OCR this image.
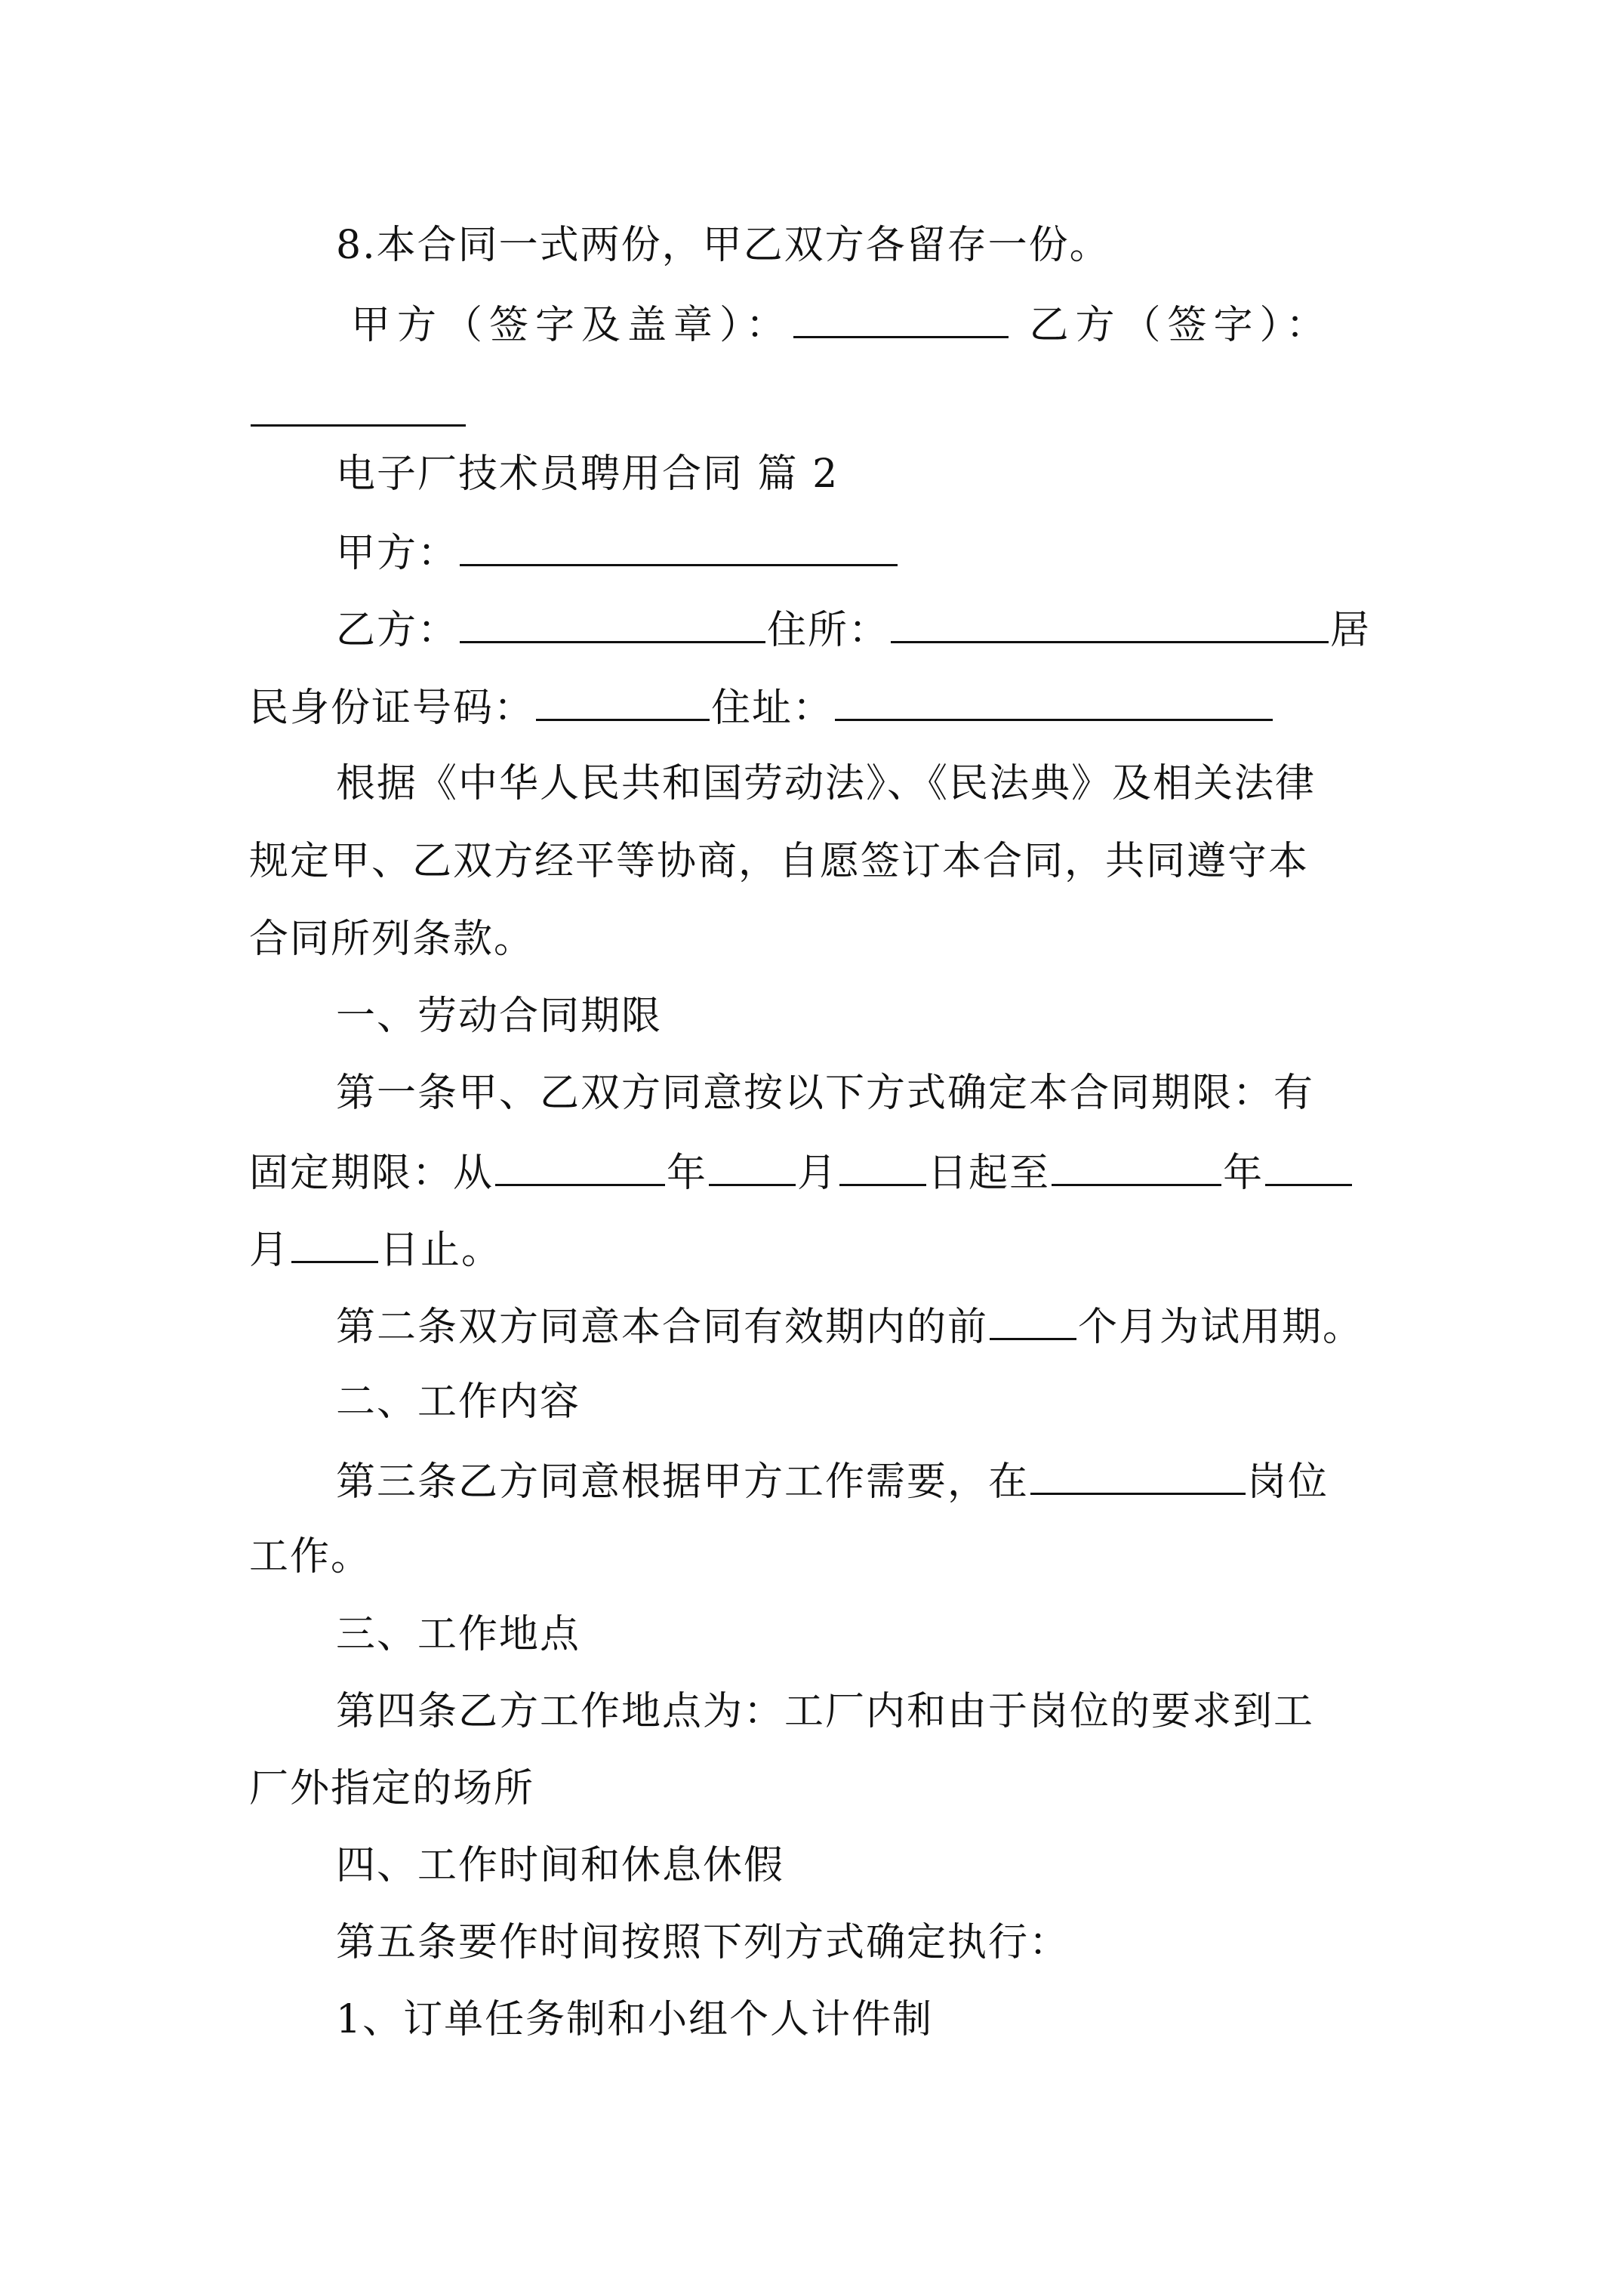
8.本合同一式两份，甲乙双方各留存一份。
甲方（签字及盖章）：	乙方（签字）：
电子厂技术员聘用合同 篇 2
甲方：
乙方：	住所：	居
民身份证号码：	住址：
根据《中华人民共和国劳动法》、《民法典》及相关法律
规定甲、乙双方经平等协商，自愿签订本合同，共同遵守本
合同所列条款。
一、劳动合同期限
第一条甲、乙双方同意按以下方式确定本合同期限：有
固定期限：从	年 月 日起至	年
月 日止。
第二条双方同意本合同有效期内的前 个月为试用期。
二、工作内容
第三条乙方同意根据甲方工作需要，在	岗位
工作。
三、工作地点
第四条乙方工作地点为：工厂内和由于岗位的要求到工
厂外指定的场所
四、工作时间和休息休假
第五条要作时间按照下列方式确定执行：
1、订单任务制和小组个人计件制
